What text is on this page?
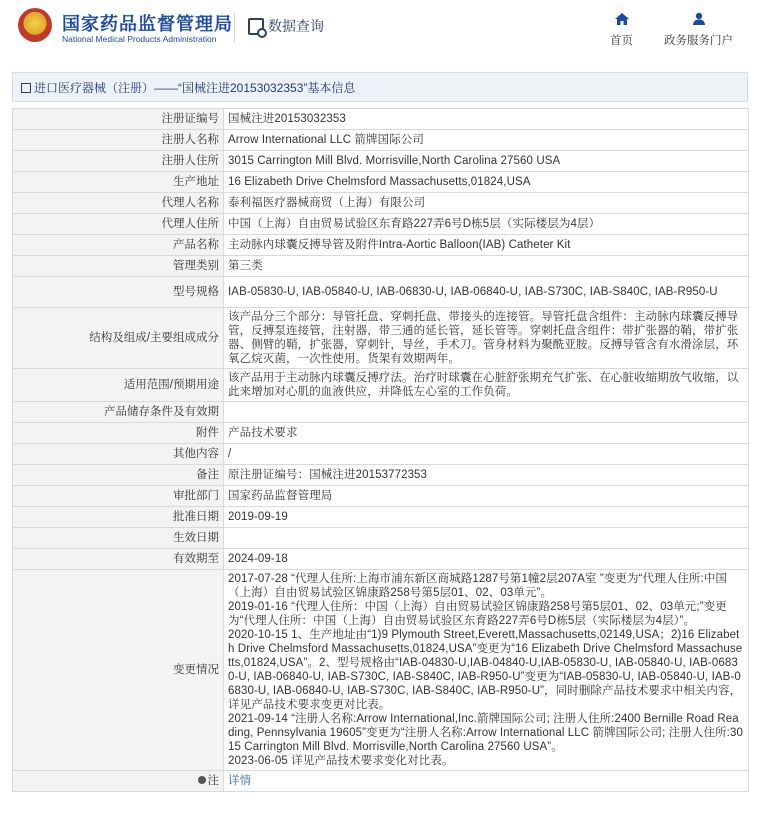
国家药品监督管理局
National Medical Products Administration
数据查询
首页	政务服务门户
进口医疗器械（注册）——“国械注进20153032353”基本信息
注册证编号	国械注进20153032353
注册人名称	Arrow International LLC 箭牌国际公司
注册人住所	3015 Carrington Mill Blvd. Morrisville,North Carolina 27560 USA
生产地址	16 Elizabeth Drive Chelmsford Massachusetts,01824,USA
代理人名称	泰利福医疗器械商贸（上海）有限公司
代理人住所	中国（上海）自由贸易试验区东育路227弄6号D栋5层（实际楼层为4层）
产品名称	主动脉内球囊反搏导管及附件Intra-Aortic Balloon(IAB) Catheter Kit
管理类别	第三类
型号规格	IAB-05830-U, IAB-05840-U, IAB-06830-U, IAB-06840-U, IAB-S730C, IAB-S840C, IAB-R950-U
结构及组成/主要组成成分	该产品分三个部分：导管托盘、穿刺托盘、带接头的连接管。导管托盘含组件：主动脉内球囊反搏导管，反搏泵连接管，注射器，带三通的延长管，延长管等。穿刺托盘含组件：带扩张器的鞘，带扩张器、侧臂的鞘，扩张器，穿刺针，导丝，手术刀。管身材料为聚酰亚胺。反搏导管含有水滑涂层，环氧乙烷灭菌，一次性使用。货架有效期两年。
适用范围/预期用途	该产品用于主动脉内球囊反搏疗法。治疗时球囊在心脏舒张期充气扩张、在心脏收缩期放气收缩，以此来增加对心肌的血液供应，并降低左心室的工作负荷。
产品储存条件及有效期	
附件	产品技术要求
其他内容	/
备注	原注册证编号：国械注进20153772353
审批部门	国家药品监督管理局
批准日期	2019-09-19
生效日期	
有效期至	2024-09-18
变更情况	2017-07-28 “代理人住所:上海市浦东新区商城路1287号第1幢2层207A室 ”变更为“代理人住所:中国（上海）自由贸易试验区锦康路258号第5层01、02、03单元”。
2019-01-16 “代理人住所：中国（上海）自由贸易试验区锦康路258号第5层01、02、03单元;”变更为“代理人住所：中国（上海）自由贸易试验区东育路227弄6号D栋5层（实际楼层为4层）”。
2020-10-15 1、生产地址由“1)9 Plymouth Street,Everett,Massachusetts,02149,USA；2)16 Elizabeth Drive Chelmsford Massachusetts,01824,USA”变更为“16 Elizabeth Drive Chelmsford Massachusetts,01824,USA”。2、型号规格由“IAB-04830-U,IAB-04840-U,IAB-05830-U, IAB-05840-U, IAB-06830-U, IAB-06840-U, IAB-S730C, IAB-S840C, IAB-R950-U”变更为“IAB-05830-U, IAB-05840-U, IAB-06830-U, IAB-06840-U, IAB-S730C, IAB-S840C, IAB-R950-U”，同时删除产品技术要求中相关内容，详见产品技术要求变更对比表。
2021-09-14 “注册人名称:Arrow International,Inc.箭牌国际公司; 注册人住所:2400 Bernille Road Reading, Pennsylvania 19605”变更为“注册人名称:Arrow International LLC 箭牌国际公司; 注册人住所:3015 Carrington Mill Blvd. Morrisville,North Carolina 27560 USA”。
2023-06-05 详见产品技术要求变化对比表。

注	详情
